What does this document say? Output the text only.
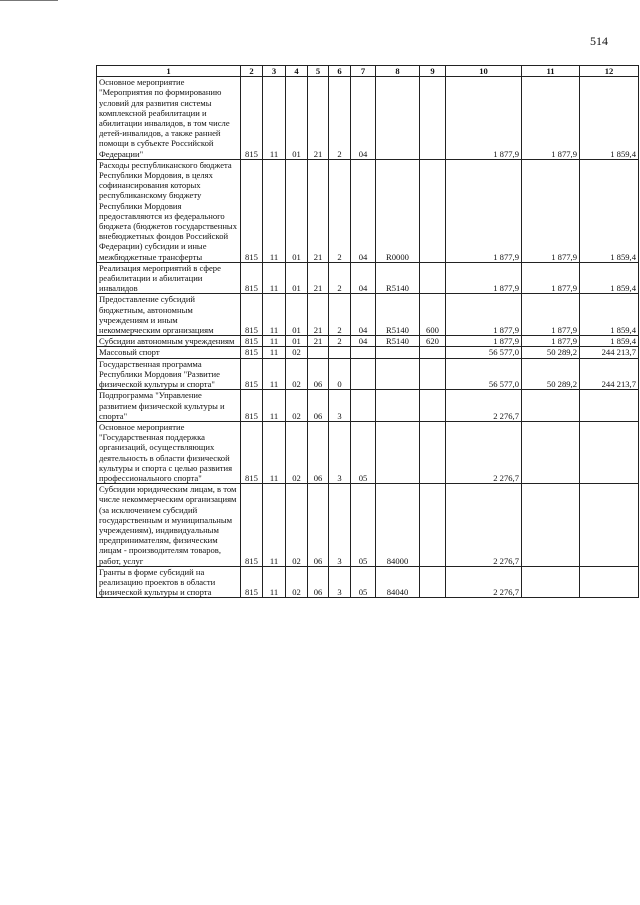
514
1	2	3	4	5	6	7	8	9	10	11	12
Основное мероприятие "Мероприятия по формированию условий для развития системы комплексной реабилитации и абилитации инвалидов, в том числе детей-инвалидов, а также ранней помощи в субъекте Российской Федерации"	815	11	01	21	2	04			1 877,9	1 877,9	1 859,4
Расходы республиканского бюджета Республики Мордовия, в целях софинансирования которых республиканскому бюджету Республики Мордовия предоставляются из федерального бюджета (бюджетов государственных внебюджетных фондов Российской Федерации) субсидии и иные межбюджетные трансферты	815	11	01	21	2	04	R0000		1 877,9	1 877,9	1 859,4
Реализация мероприятий в сфере реабилитации и абилитации инвалидов	815	11	01	21	2	04	R5140		1 877,9	1 877,9	1 859,4
Предоставление субсидий бюджетным, автономным учреждениям и иным некоммерческим организациям	815	11	01	21	2	04	R5140	600	1 877,9	1 877,9	1 859,4
Субсидии автономным учреждениям	815	11	01	21	2	04	R5140	620	1 877,9	1 877,9	1 859,4
Массовый спорт	815	11	02						56 577,0	50 289,2	244 213,7
Государственная программа Республики Мордовия "Развитие физической культуры и спорта"	815	11	02	06	0				56 577,0	50 289,2	244 213,7
Подпрограмма "Управление развитием физической культуры и спорта"	815	11	02	06	3				2 276,7		
Основное мероприятие "Государственная поддержка организаций, осуществляющих деятельность в области физической культуры и спорта с целью развития профессионального спорта"	815	11	02	06	3	05			2 276,7		
Субсидии юридическим лицам, в том числе некоммерческим организациям (за исключением субсидий государственным и муниципальным учреждениям), индивидуальным предпринимателям, физическим лицам - производителям товаров, работ, услуг	815	11	02	06	3	05	84000		2 276,7		
Гранты в форме субсидий на реализацию проектов в области физической культуры и спорта	815	11	02	06	3	05	84040		2 276,7		
